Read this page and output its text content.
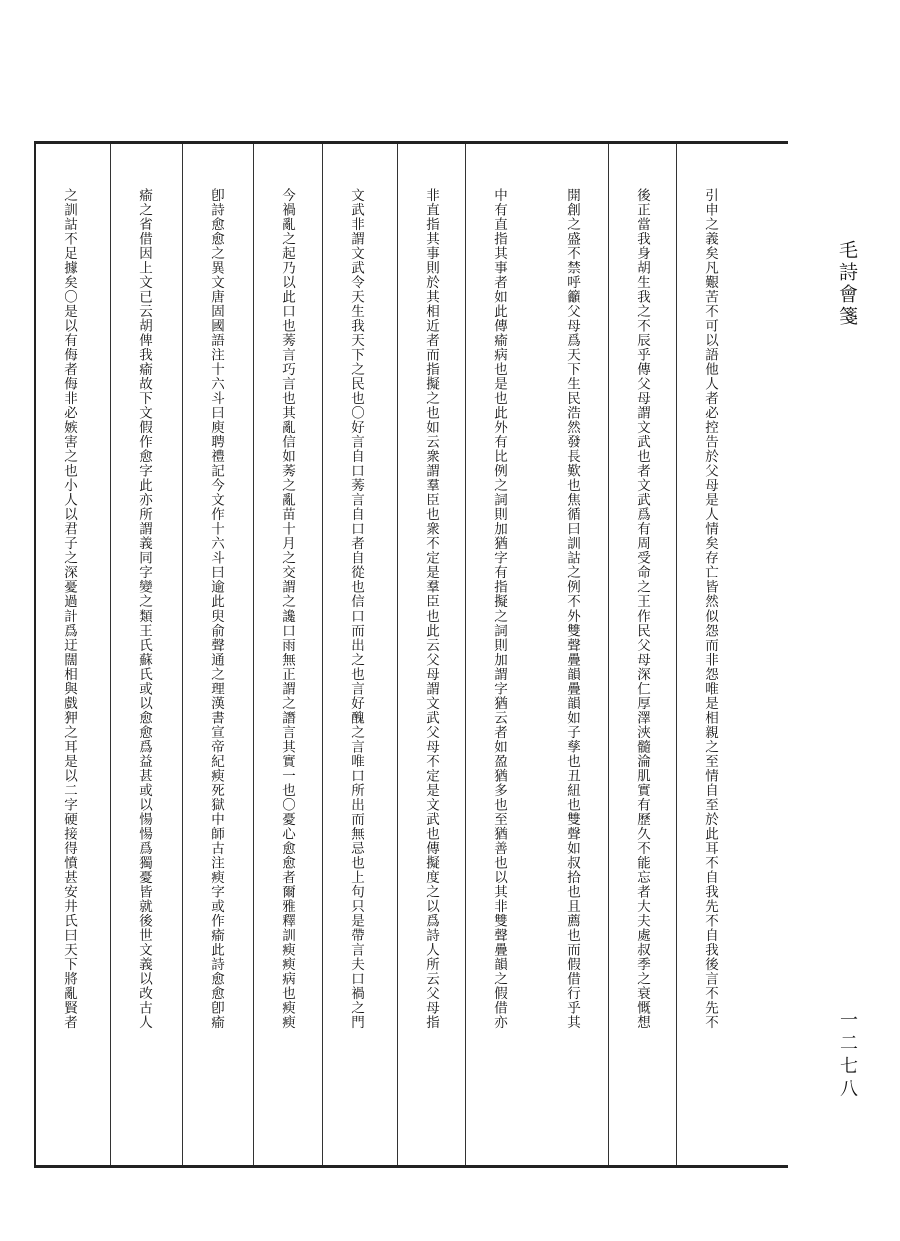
毛詩會箋
一二七八
引申之義矣凡艱苦不可以語他人者必控告於父母是人情矣存亡皆然似怨而非怨唯是相親之至情自至於此耳不自我先不自我後言不先不
後正當我身胡生我之不辰乎傳父母謂文武也者文武爲有周受命之王作民父母深仁厚澤浹髓淪肌實有歷久不能忘者大夫處叔季之衰慨想
開創之盛不禁呼籲父母爲天下生民浩然發長歎也焦循曰訓詁之例不外雙聲疊韻疊韻如子孳也丑紐也雙聲如叔拾也且薦也而假借行乎其
中有直指其事者如此傳瘉病也是也此外有比例之詞則加猶字有指擬之詞則加謂字猶云者如盈猶多也至猶善也以其非雙聲疊韻之假借亦
非直指其事則於其相近者而指擬之也如云衆謂羣臣也衆不定是羣臣也此云父母謂文武父母不定是文武也傳擬度之以爲詩人所云父母指
文武非謂文武令天生我天下之民也〇好言自口莠言自口者自從也信口而出之也言好醜之言唯口所出而無忌也上句只是帶言夫口禍之門
今禍亂之起乃以此口也莠言巧言也其亂信如莠之亂苗十月之交謂之讒口雨無正謂之譖言其實一也〇憂心愈愈者爾雅釋訓瘐瘐病也瘐瘐
卽詩愈愈之異文唐固國語注十六斗曰庾聘禮記今文作十六斗曰逾此臾俞聲通之理漢書宣帝紀瘐死獄中師古注瘐字或作瘉此詩愈愈卽瘉
瘉之省借因上文已云胡俾我瘉故下文假作愈字此亦所謂義同字變之類王氏蘇氏或以愈愈爲益甚或以愓愓爲獨憂皆就後世文義以改古人
之訓詁不足據矣〇是以有侮者侮非必嫉害之也小人以君子之深憂過計爲迂闊相與戲狎之耳是以二字硬接得憤甚安井氏曰天下將亂賢者
